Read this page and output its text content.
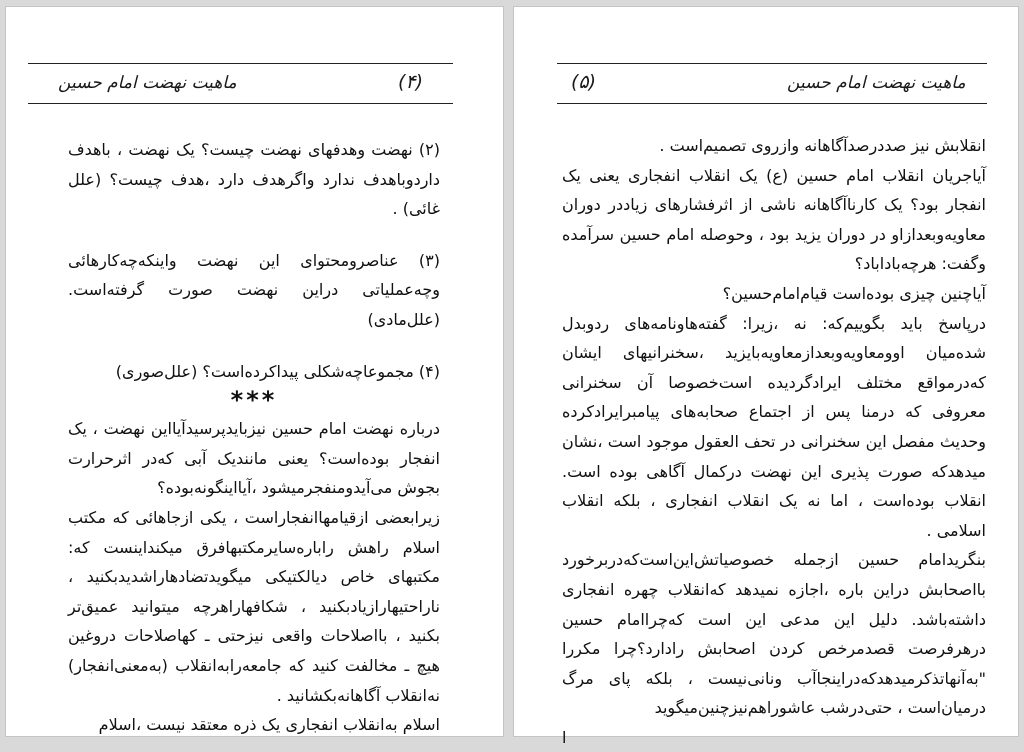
(۴)
ماهیت نهضت امام حسین

(۲) نهضت وهدفهای نهضت چیست؟ یک نهضت ، باهدف داردوباهدف ندارد واگرهدف دارد ،هدف چیست؟ (علل غائی) .

(۳) عناصرومحتوای این نهضت واینکه‌چه‌کارهائی وچه‌عملیاتی دراین نهضت صورت گرفته‌است. (علل‌مادی)

(۴) مجموعاچه‌شکلی پیداکرده‌است؟ (علل‌صوری)

***

درباره نهضت امام حسین نیزبایدپرسیدآیااین نهضت ، یک انفجار بوده‌است؟ یعنی مانندیک آبی که‌در اثرحرارت بجوش می‌آیدومنفجرمیشود ،آیااینگونه‌بوده؟

زیرابعضی ازقیامهاانفجاراست ، یکی ازجاهائی که مکتب اسلام راهش راباره‌سایرمکتبهافرق میکنداینست که: مکتبهای خاص دیالکتیکی میگویدتضادهاراشدیدبکنید ، ناراحتیهارازیادبکنید ، شکافهاراهرچه میتوانید عمیق‌تر بکنید ، بااصلاحات واقعی نیزحتی ـ کهاصلاحات دروغین هیچ ـ مخالفت کنید که جامعه‌رابه‌انقلاب (به‌معنی‌انفجار) نه‌انقلاب آگاهانه‌بکشانید .

اسلام به‌انقلاب انفجاری یک ذره معتقد نیست ،اسلام

(۵)	ماهیت نهضت امام حسین

انقلابش نیز صددرصدآگاهانه وازروی تصمیم‌است .

آیاجریان انقلاب امام حسین (ع) یک انقلاب انفجاری یعنی یک انفجار بود؟ یک کارناآگاهانه ناشی از اثرفشارهای زیاددر دوران معاویه‌وبعدازاو در دوران یزید بود ، وحوصله امام حسین سرآمده وگفت: هرچه‌باداباد؟

آیاچنین چیزی بوده‌است قیام‌امام‌حسین؟

درپاسخ باید بگوییم‌که: نه ،زیرا: گفته‌هاونامه‌های ردوبدل شده‌میان اوومعاویه‌وبعدازمعاویه‌بایزید ،سخنرانیهای ایشان که‌درمواقع مختلف ایرادگردیده است‌خصوصا آن سخنرانی معروفی که درمنا پس از اجتماع صحابه‌های پیامبرایرادکرده وحدیث مفصل این سخنرانی در تحف العقول موجود است ،نشان میدهدکه صورت پذیری این نهضت درکمال آگاهی بوده است. انقلاب بوده‌است ، اما نه یک انقلاب انفجاری ، بلکه انقلاب اسلامی .

بنگریدامام حسین ازجمله خصوصیاتش‌این‌است‌که‌دربرخورد بااصحابش دراین باره ،اجازه نمیدهد که‌انقلاب چهره انفجاری داشته‌باشد. دلیل این مدعی این است که‌چراامام حسین درهرفرصت قصدمرخص کردن اصحابش رادارد؟چرا مکررا "به‌آنهاتذکرمیدهدکه‌دراینجاآب ونانی‌نیست ، بلکه پای مرگ درمیان‌است ، حتی‌درشب عاشوراهم‌نیزچنین‌میگوید

ا
